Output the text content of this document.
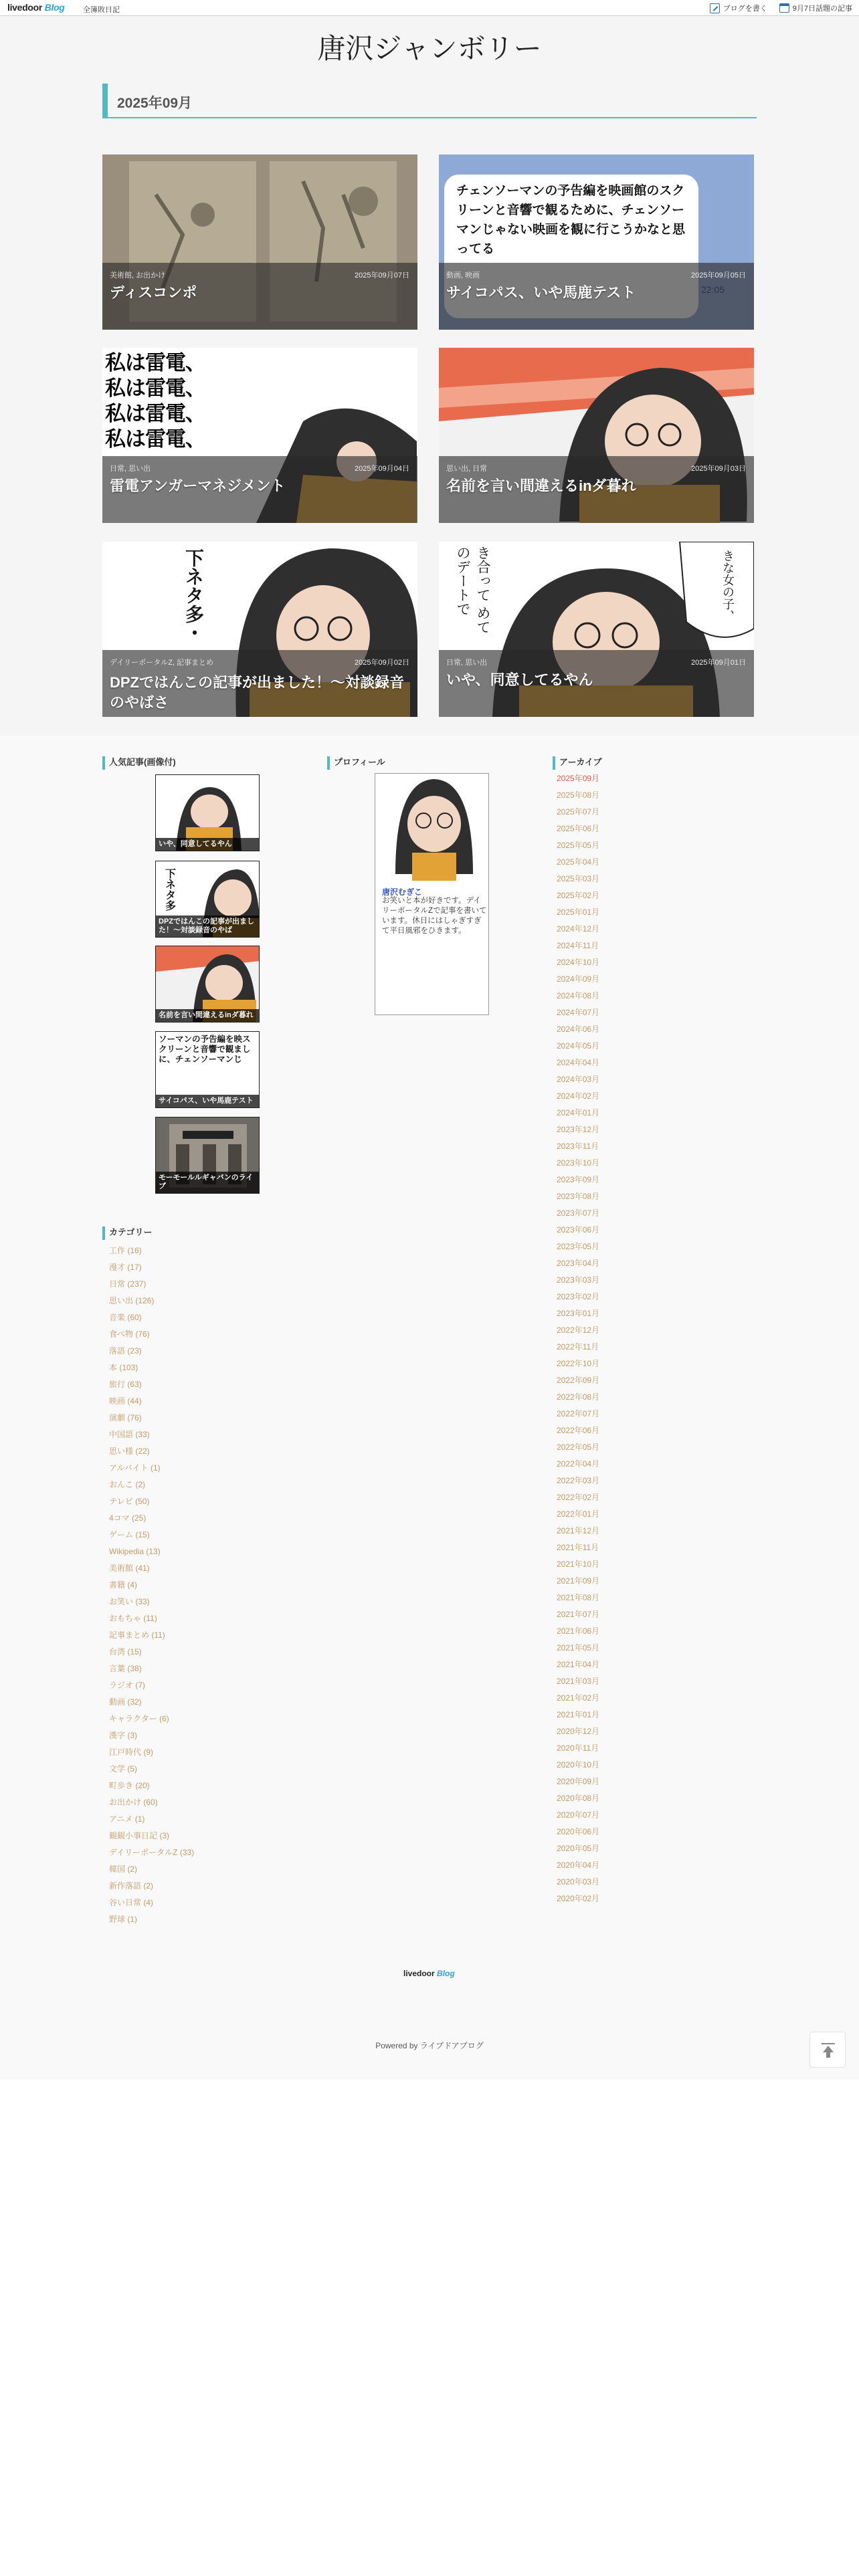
livedoor Blog 全簿敗日記	ブログを書く	9月7日話題の記事
唐沢ジャンボリー
2025年09月
美術館, お出かけ	2025年09月07日
ディスコンポ
チェンソーマンの予告編を映画館のスクリーンと音響で観るために、チェンソーマンじゃない映画を観に行こうかなと思ってる
動画, 映画	2025年09月05日
サイコパス、いや馬鹿テスト
私は雷電、
私は雷電、
私は雷電、
私は雷電、
日常, 思い出	2025年09月04日
雷電アンガーマネジメント
思い出, 日常	2025年09月03日
名前を言い間違えるinダ暮れ
下ネタ多・
デイリーポータルZ, 記事まとめ	2025年09月02日
DPZではんこの記事が出ました！〜対談録音のやばさ
き合って めてのデートで	きな女の子、
日常, 思い出	2025年09月01日
いや、同意してるやん
人気記事(画像付)
いや、同意してるやん
下ネタ多
DPZではんこの記事が出ました！〜対談録音のやば
名前を言い間違えるinダ暮れ
ソーマンの予告編を映スクリーンと音響で観ましに、チェンソーマンじ
サイコパス、いや馬鹿テスト
モーモールルギャバンのライブ
プロフィール
唐沢むぎこ
お笑いと本が好きです。デイリーポータルZで記事を書いています。休日にはしゃぎすぎて平日風邪をひきます。
カテゴリー
工作 (16)
漫才 (17)
日常 (237)
思い出 (126)
音楽 (60)
食べ物 (76)
落語 (23)
本 (103)
旅行 (63)
映画 (44)
演劇 (76)
中国語 (33)
思い様 (22)
アルバイト (1)
おんこ (2)
テレビ (50)
4コマ (25)
ゲーム (15)
Wikipedia (13)
美術館 (41)
書籍 (4)
お笑い (33)
おもちゃ (11)
記事まとめ (11)
台湾 (15)
言葉 (38)
ラジオ (7)
動画 (32)
キャラクター (6)
漢字 (3)
江戸時代 (9)
文学 (5)
町歩き (20)
お出かけ (60)
アニメ (1)
観観小事日記 (3)
デイリーポータルZ (33)
韓国 (2)
新作落語 (2)
谷い日常 (4)
野球 (1)
アーカイブ
2025年09月
2025年08月
2025年07月
2025年06月
2025年05月
2025年04月
2025年03月
2025年02月
2025年01月
2024年12月
2024年11月
2024年10月
2024年09月
2024年08月
2024年07月
2024年06月
2024年05月
2024年04月
2024年03月
2024年02月
2024年01月
2023年12月
2023年11月
2023年10月
2023年09月
2023年08月
2023年07月
2023年06月
2023年05月
2023年04月
2023年03月
2023年02月
2023年01月
2022年12月
2022年11月
2022年10月
2022年09月
2022年08月
2022年07月
2022年06月
2022年05月
2022年04月
2022年03月
2022年02月
2022年01月
2021年12月
2021年11月
2021年10月
2021年09月
2021年08月
2021年07月
2021年06月
2021年05月
2021年04月
2021年03月
2021年02月
2021年01月
2020年12月
2020年11月
2020年10月
2020年09月
2020年08月
2020年07月
2020年06月
2020年05月
2020年04月
2020年03月
2020年02月
livedoor Blog
Powered by ライブドアブログ
